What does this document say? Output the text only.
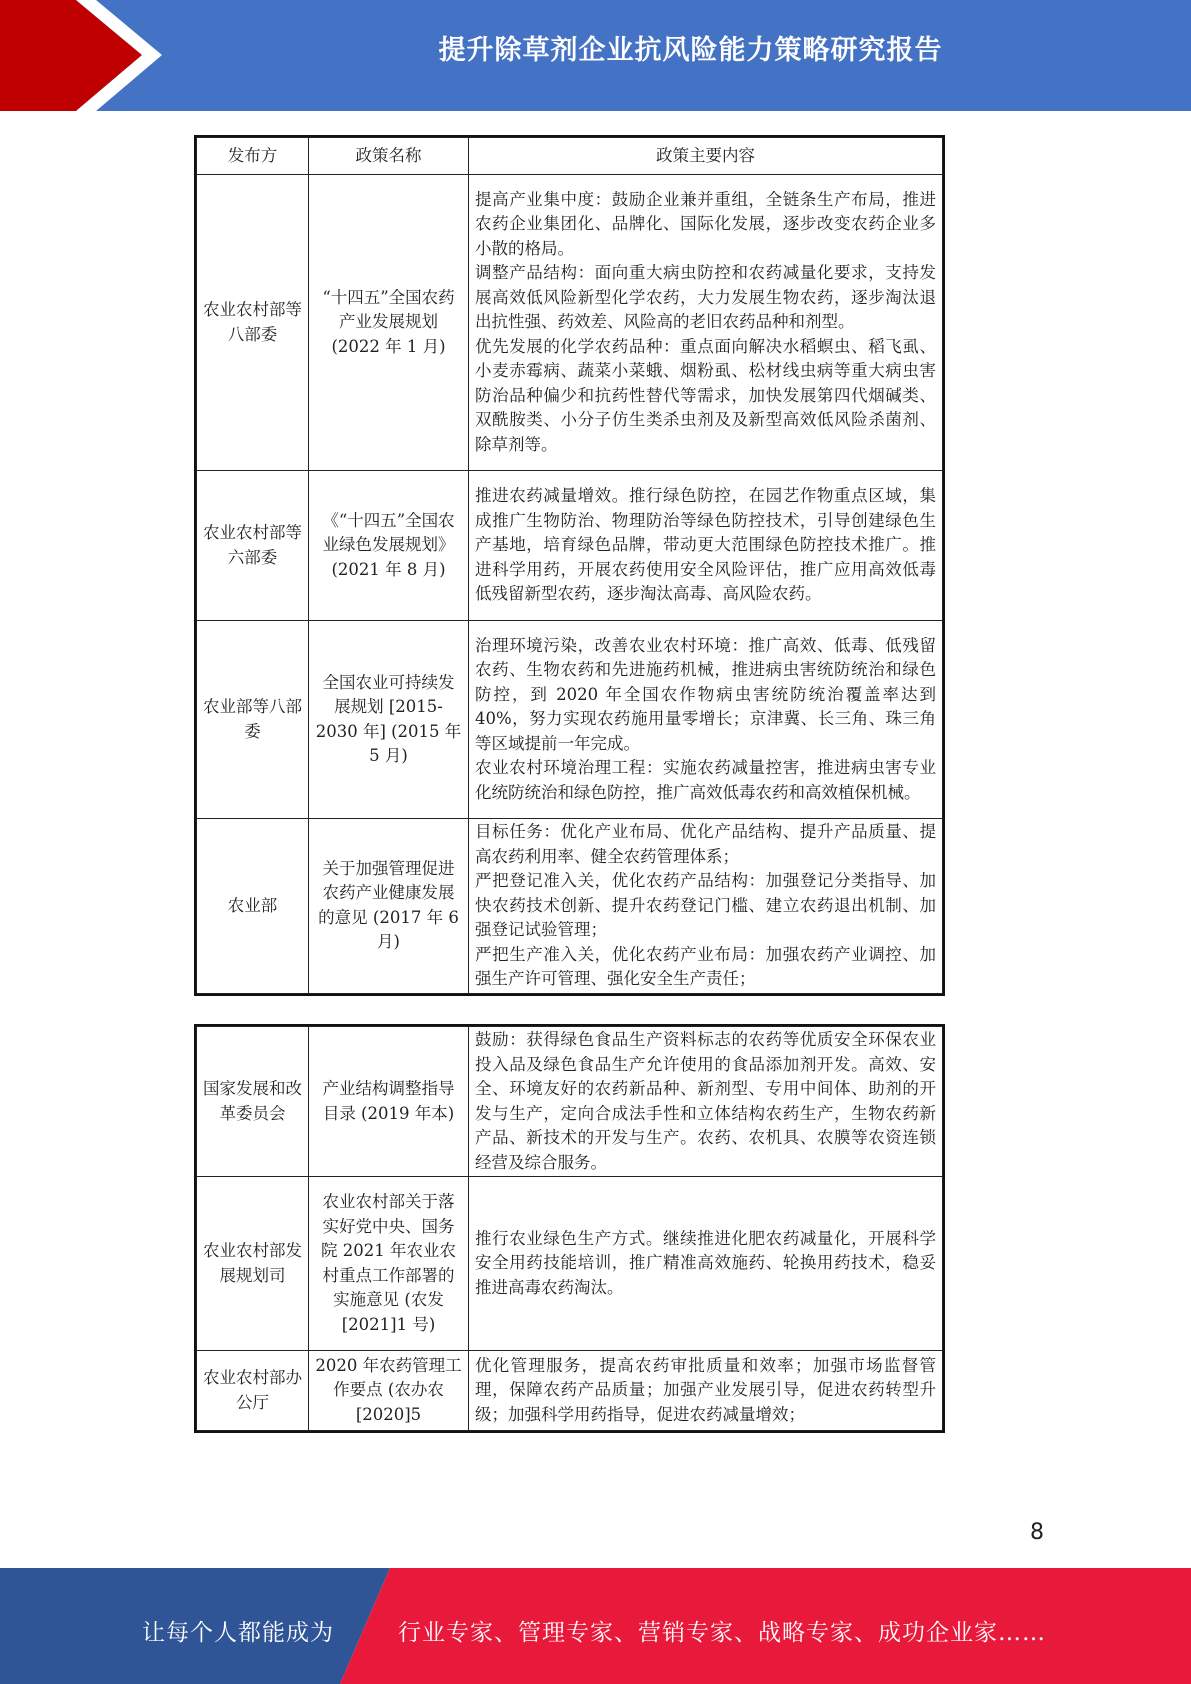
提升除草剂企业抗风险能力策略研究报告
发布方	政策名称	政策主要内容
农业农村部等八部委	“十四五”全国农药产业发展规划(2022 年 1 月)	提高产业集中度：鼓励企业兼并重组，全链条生产布局，推进农药企业集团化、品牌化、国际化发展，逐步改变农药企业多小散的格局。
调整产品结构：面向重大病虫防控和农药减量化要求，支持发展高效低风险新型化学农药，大力发展生物农药，逐步淘汰退出抗性强、药效差、风险高的老旧农药品种和剂型。
优先发展的化学农药品种：重点面向解决水稻螟虫、稻飞虱、小麦赤霉病、蔬菜小菜蛾、烟粉虱、松材线虫病等重大病虫害防治品种偏少和抗药性替代等需求，加快发展第四代烟碱类、双酰胺类、小分子仿生类杀虫剂及及新型高效低风险杀菌剂、除草剂等。
农业农村部等六部委	《“十四五”全国农业绿色发展规划》(2021 年 8 月)	推进农药减量增效。推行绿色防控，在园艺作物重点区域，集成推广生物防治、物理防治等绿色防控技术，引导创建绿色生产基地，培育绿色品牌，带动更大范围绿色防控技术推广。推进科学用药，开展农药使用安全风险评估，推广应用高效低毒低残留新型农药，逐步淘汰高毒、高风险农药。
农业部等八部委	全国农业可持续发展规划 [2015-2030 年] (2015 年 5 月)	治理环境污染，改善农业农村环境：推广高效、低毒、低残留农药、生物农药和先进施药机械，推进病虫害统防统治和绿色防控，到 2020 年全国农作物病虫害统防统治覆盖率达到 40%，努力实现农药施用量零增长；京津冀、长三角、珠三角等区域提前一年完成。
农业农村环境治理工程：实施农药减量控害，推进病虫害专业化统防统治和绿色防控，推广高效低毒农药和高效植保机械。
农业部	关于加强管理促进农药产业健康发展的意见 (2017 年 6 月)	目标任务：优化产业布局、优化产品结构、提升产品质量、提高农药利用率、健全农药管理体系；
严把登记准入关，优化农药产品结构：加强登记分类指导、加快农药技术创新、提升农药登记门槛、建立农药退出机制、加强登记试验管理；
严把生产准入关，优化农药产业布局：加强农药产业调控、加强生产许可管理、强化安全生产责任；
国家发展和改革委员会	产业结构调整指导目录 (2019 年本)	鼓励：获得绿色食品生产资料标志的农药等优质安全环保农业投入品及绿色食品生产允许使用的食品添加剂开发。高效、安全、环境友好的农药新品种、新剂型、专用中间体、助剂的开发与生产，定向合成法手性和立体结构农药生产，生物农药新产品、新技术的开发与生产。农药、农机具、农膜等农资连锁经营及综合服务。
农业农村部发展规划司	农业农村部关于落实好党中央、国务院 2021 年农业农村重点工作部署的实施意见 (农发[2021]1 号)	推行农业绿色生产方式。继续推进化肥农药减量化，开展科学安全用药技能培训，推广精准高效施药、轮换用药技术，稳妥推进高毒农药淘汰。
农业农村部办公厅	2020 年农药管理工作要点 (农办农[2020]5	优化管理服务，提高农药审批质量和效率；加强市场监督管理，保障农药产品质量；加强产业发展引导，促进农药转型升级；加强科学用药指导，促进农药减量增效；
8
让每个人都能成为	行业专家、管理专家、营销专家、战略专家、成功企业家……
